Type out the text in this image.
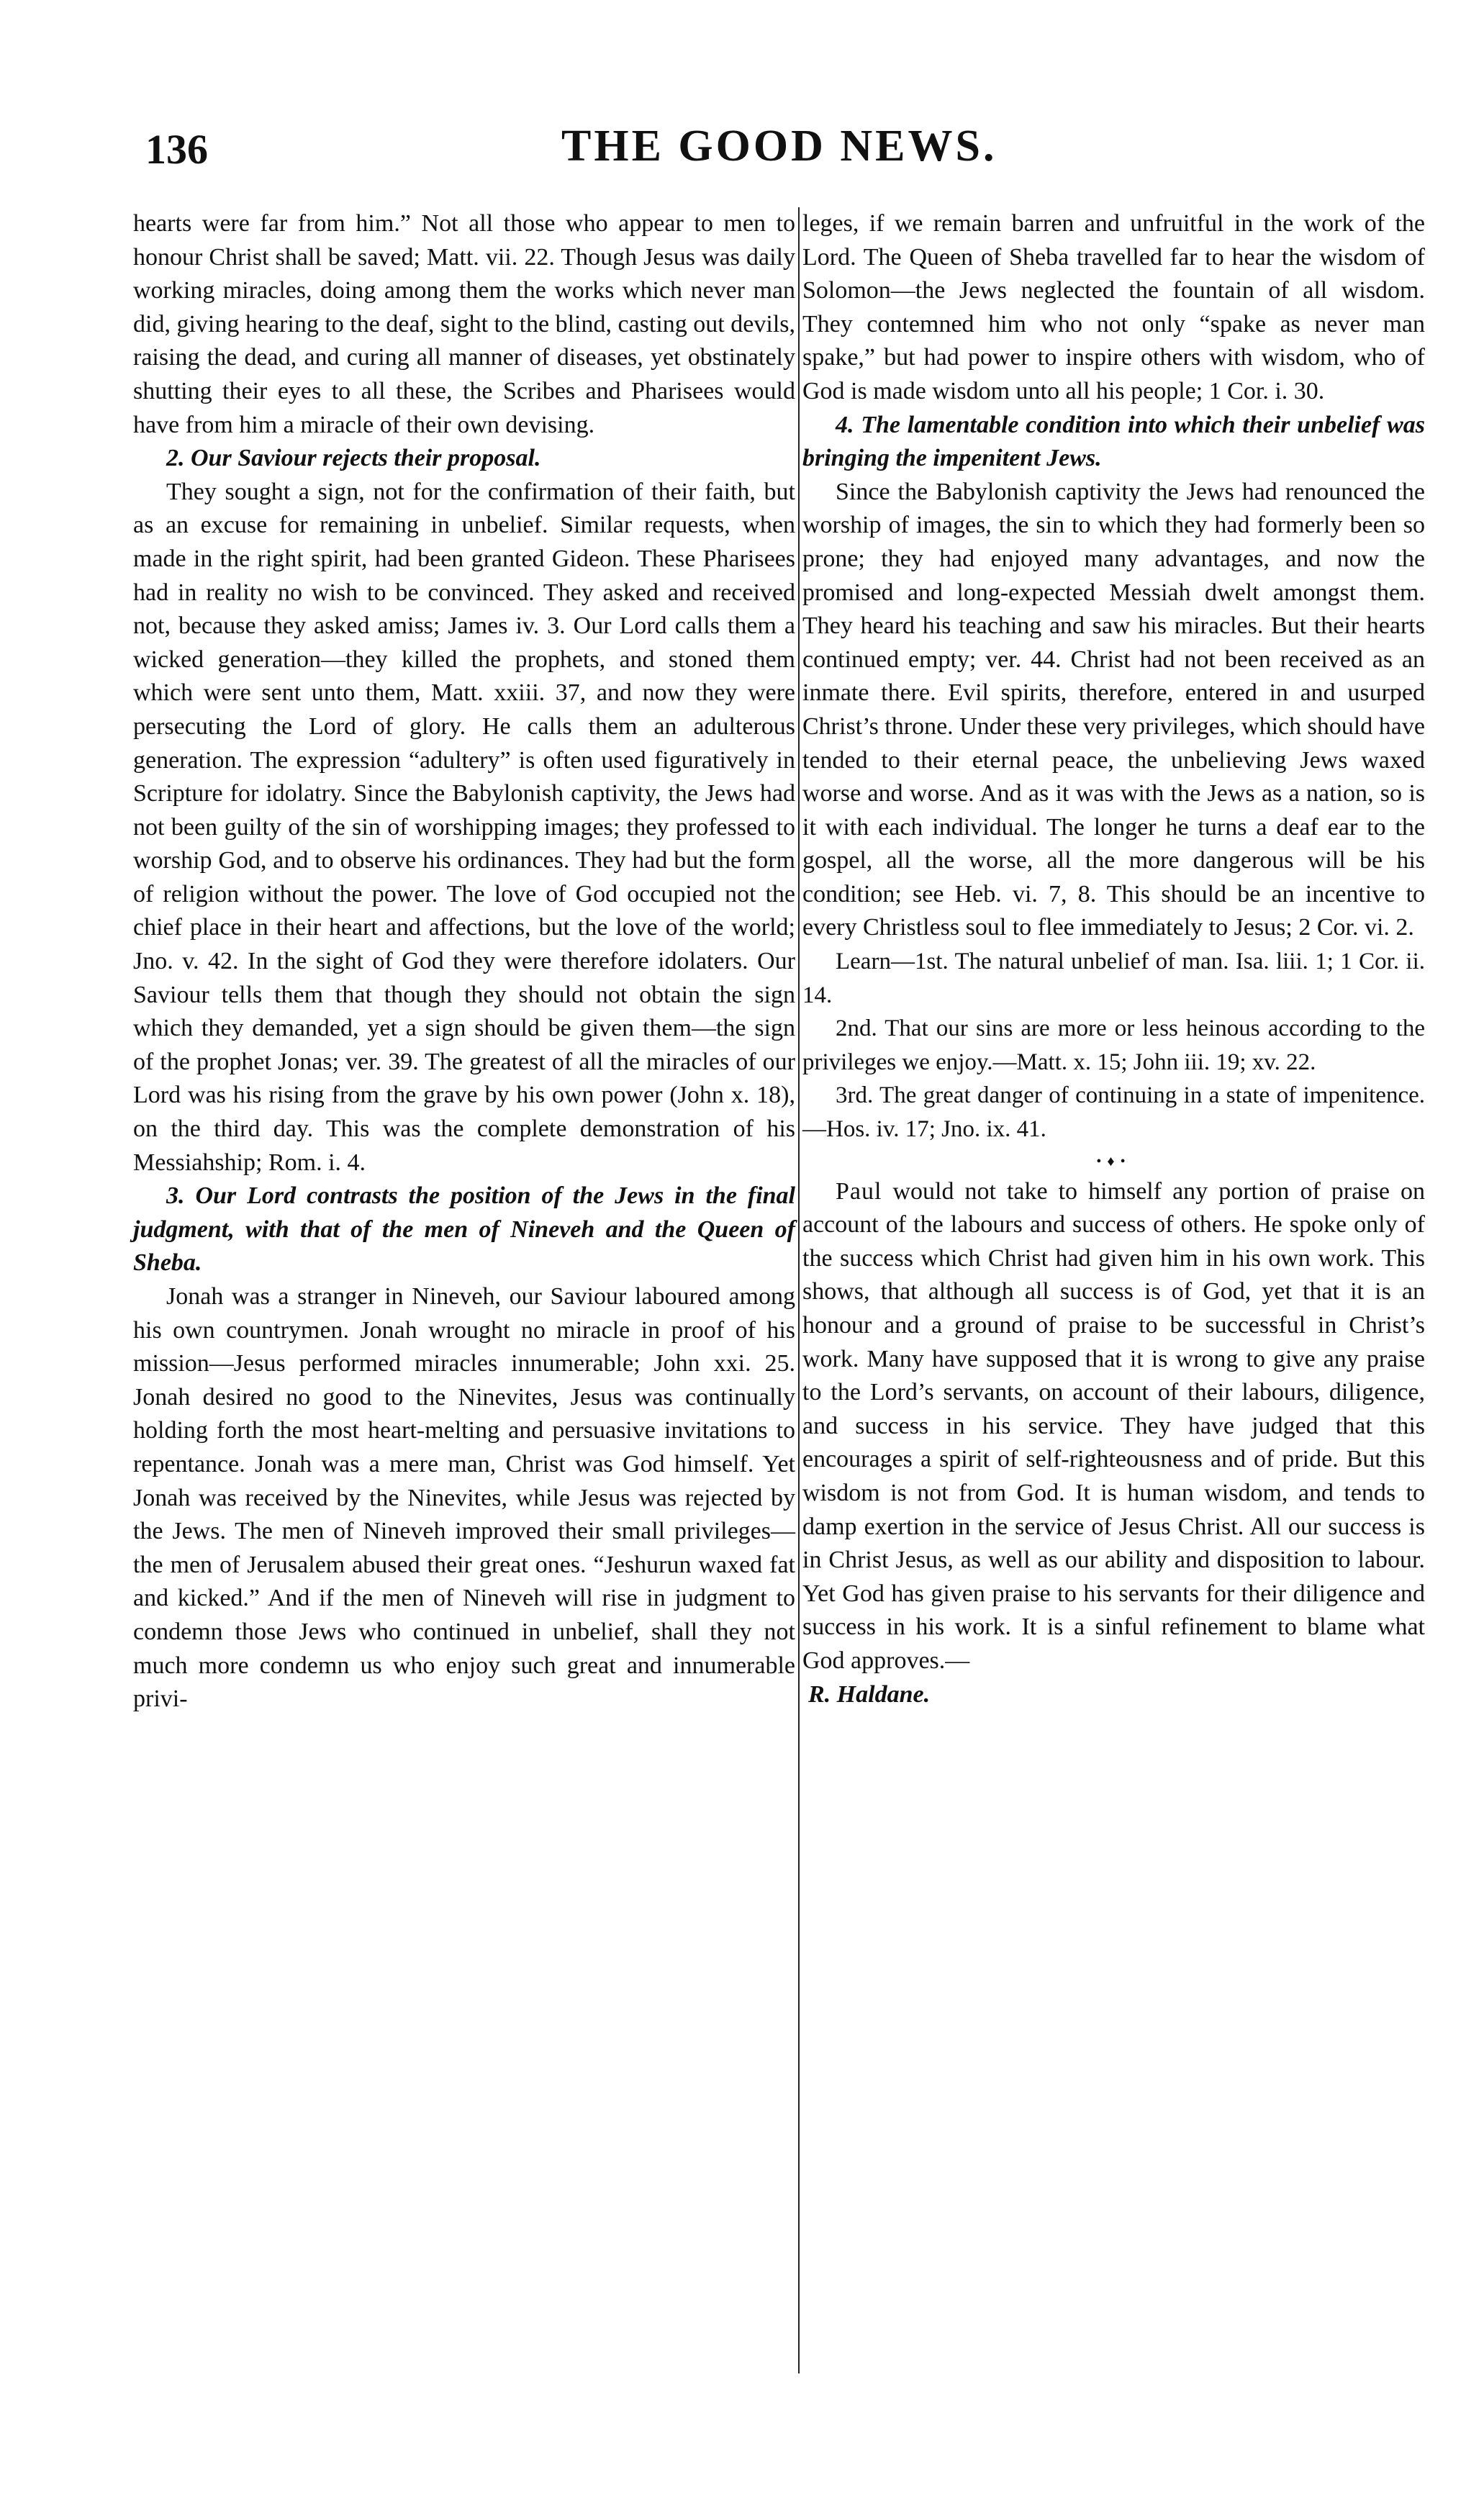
136	THE GOOD NEWS.

hearts were far from him.” Not all those who appear to men to honour Christ shall be saved; Matt. vii. 22. Though Jesus was daily working miracles, doing among them the works which never man did, giving hearing to the deaf, sight to the blind, casting out devils, raising the dead, and curing all manner of diseases, yet obstinately shutting their eyes to all these, the Scribes and Pharisees would have from him a miracle of their own devising.

2. Our Saviour rejects their proposal.

They sought a sign, not for the confirmation of their faith, but as an excuse for remaining in unbelief. Similar requests, when made in the right spirit, had been granted Gideon. These Pharisees had in reality no wish to be convinced. They asked and received not, because they asked amiss; James iv. 3. Our Lord calls them a wicked generation—they killed the prophets, and stoned them which were sent unto them, Matt. xxiii. 37, and now they were persecuting the Lord of glory. He calls them an adulterous generation. The expression “adultery” is often used figuratively in Scripture for idolatry. Since the Babylonish captivity, the Jews had not been guilty of the sin of worshipping images; they professed to worship God, and to observe his ordinances. They had but the form of religion without the power. The love of God occupied not the chief place in their heart and affections, but the love of the world; Jno. v. 42. In the sight of God they were therefore idolaters. Our Saviour tells them that though they should not obtain the sign which they demanded, yet a sign should be given them—the sign of the prophet Jonas; ver. 39. The greatest of all the miracles of our Lord was his rising from the grave by his own power (John x. 18), on the third day. This was the complete demonstration of his Messiahship; Rom. i. 4.

3. Our Lord contrasts the position of the Jews in the final judgment, with that of the men of Nineveh and the Queen of Sheba.

Jonah was a stranger in Nineveh, our Saviour laboured among his own countrymen. Jonah wrought no miracle in proof of his mission—Jesus performed miracles innumerable; John xxi. 25. Jonah desired no good to the Ninevites, Jesus was continually holding forth the most heart-melting and persuasive invitations to repentance. Jonah was a mere man, Christ was God himself. Yet Jonah was received by the Ninevites, while Jesus was rejected by the Jews. The men of Nineveh improved their small privileges—the men of Jerusalem abused their great ones. “Jeshurun waxed fat and kicked.” And if the men of Nineveh will rise in judgment to condemn those Jews who continued in unbelief, shall they not much more condemn us who enjoy such great and innumerable privi-

leges, if we remain barren and unfruitful in the work of the Lord. The Queen of Sheba travelled far to hear the wisdom of Solomon—the Jews neglected the fountain of all wisdom. They contemned him who not only “spake as never man spake,” but had power to inspire others with wisdom, who of God is made wisdom unto all his people; 1 Cor. i. 30.

4. The lamentable condition into which their unbelief was bringing the impenitent Jews.

Since the Babylonish captivity the Jews had renounced the worship of images, the sin to which they had formerly been so prone; they had enjoyed many advantages, and now the promised and long-expected Messiah dwelt amongst them. They heard his teaching and saw his miracles. But their hearts continued empty; ver. 44. Christ had not been received as an inmate there. Evil spirits, therefore, entered in and usurped Christ’s throne. Under these very privileges, which should have tended to their eternal peace, the unbelieving Jews waxed worse and worse. And as it was with the Jews as a nation, so is it with each individual. The longer he turns a deaf ear to the gospel, all the worse, all the more dangerous will be his condition; see Heb. vi. 7, 8. This should be an incentive to every Christless soul to flee immediately to Jesus; 2 Cor. vi. 2.

Learn—1st. The natural unbelief of man. Isa. liii. 1; 1 Cor. ii. 14.

2nd. That our sins are more or less heinous according to the privileges we enjoy.—Matt. x. 15; John iii. 19; xv. 22.

3rd. The great danger of continuing in a state of impenitence.—Hos. iv. 17; Jno. ix. 41.

•♦•

Paul would not take to himself any portion of praise on account of the labours and success of others. He spoke only of the success which Christ had given him in his own work. This shows, that although all success is of God, yet that it is an honour and a ground of praise to be successful in Christ’s work. Many have supposed that it is wrong to give any praise to the Lord’s servants, on account of their labours, diligence, and success in his service. They have judged that this encourages a spirit of self-righteousness and of pride. But this wisdom is not from God. It is human wisdom, and tends to damp exertion in the service of Jesus Christ. All our success is in Christ Jesus, as well as our ability and disposition to labour. Yet God has given praise to his servants for their diligence and success in his work. It is a sinful refinement to blame what God approves.—

R. Haldane.
